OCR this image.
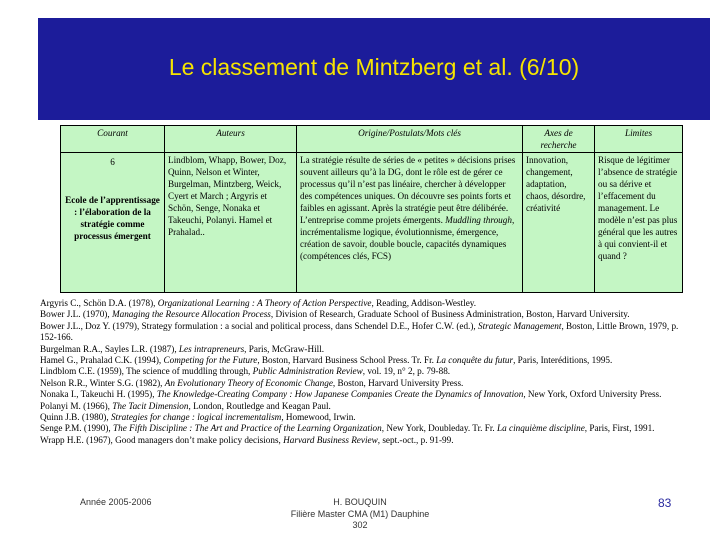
Le classement de Mintzberg et al. (6/10)
Courant	Auteurs	Origine/Postulats/Mots clés	Axes de recherche	Limites

6
Ecole de l’apprentissage : l’élaboration de la stratégie comme processus émergent	Lindblom, Whapp, Bower, Doz, Quinn, Nelson et Winter, Burgelman, Mintzberg, Weick, Cyert et March ; Argyris et Schön, Senge, Nonaka et Takeuchi, Polanyi. Hamel et Prahalad..	La stratégie résulte de séries de « petites » décisions prises souvent ailleurs qu’à la DG, dont le rôle est de gérer ce processus qu’il n’est pas linéaire, chercher à développer des compétences uniques. On découvre ses points forts et faibles en agissant. Après la stratégie peut être délibérée. L’entreprise comme projets émergents. Muddling through, incrémentalisme logique, évolutionnisme, émergence, création de savoir, double boucle, capacités dynamiques (compétences clés, FCS)	Innovation, changement, adaptation, chaos, désordre, créativité	Risque de légitimer l’absence de stratégie ou sa dérive et l’effacement du management. Le modèle n’est pas plus général que les autres à qui convient-il et quand ?
Argyris C., Schön D.A. (1978), Organizational Learning : A Theory of Action Perspective, Reading, Addison-Westley.
Bower J.L. (1970), Managing the Resource Allocation Process, Division of Research, Graduate School of Business Administration, Boston, Harvard University.
Bower J.L., Doz Y. (1979), Strategy formulation : a social and political process, dans Schendel D.E., Hofer C.W. (ed.), Strategic Management, Boston, Little Brown, 1979, p. 152-166.
Burgelman R.A., Sayles L.R. (1987), Les intrapreneurs, Paris, McGraw-Hill.
Hamel G., Prahalad C.K. (1994), Competing for the Future, Boston, Harvard Business School Press. Tr. Fr. La conquête du futur, Paris, Interéditions, 1995.
Lindblom C.E. (1959), The science of muddling through, Public Administration Review, vol. 19, n° 2, p. 79-88.
Nelson R.R., Winter S.G. (1982), An Evolutionary Theory of Economic Change, Boston, Harvard University Press.
Nonaka I., Takeuchi H. (1995), The Knowledge-Creating Company : How Japanese Companies Create the Dynamics of Innovation, New York, Oxford University Press.
Polanyi M. (1966), The Tacit Dimension, London, Routledge and Keagan Paul.
Quinn J.B. (1980), Strategies for change : logical incrementalism, Homewood, Irwin.
Senge P.M. (1990), The Fifth Discipline : The Art and Practice of the Learning Organization, New York, Doubleday. Tr. Fr. La cinquième discipline, Paris, First, 1991.
Wrapp H.E. (1967), Good managers don’t make policy decisions, Harvard Business Review, sept.-oct., p. 91-99.
Année 2005-2006	H. BOUQUIN
Filière Master CMA (M1) Dauphine
302
83
